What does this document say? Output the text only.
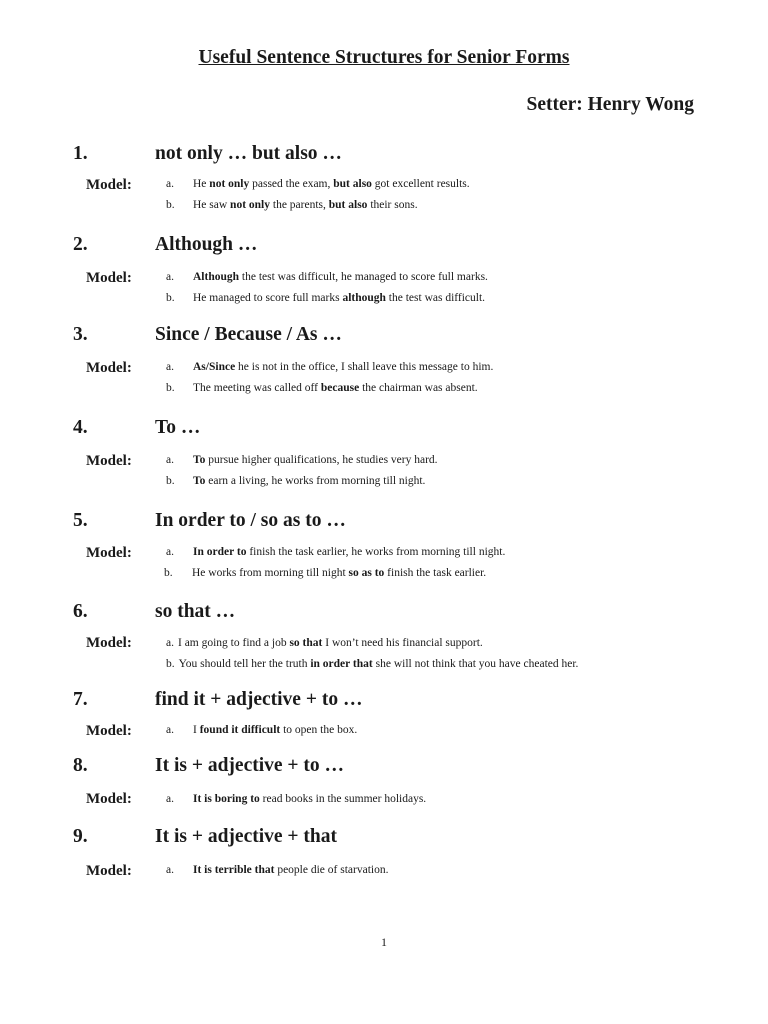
Useful Sentence Structures for Senior Forms
Setter: Henry Wong
1.	not only … but also …
Model:	a. He not only passed the exam, but also got excellent results.
b. He saw not only the parents, but also their sons.
2.	Although …
Model:	a. Although the test was difficult, he managed to score full marks.
b. He managed to score full marks although the test was difficult.
3.	Since / Because / As …
Model:	a. As/Since he is not in the office, I shall leave this message to him.
b. The meeting was called off because the chairman was absent.
4.	To …
Model:	a. To pursue higher qualifications, he studies very hard.
b. To earn a living, he works from morning till night.
5.	In order to / so as to …
Model:	a. In order to finish the task earlier, he works from morning till night.
b. He works from morning till night so as to finish the task earlier.
6.	so that …
Model:	a. I am going to find a job so that I won’t need his financial support.
b. You should tell her the truth in order that she will not think that you have cheated her.
7.	find it + adjective + to …
Model:	a. I found it difficult to open the box.
8.	It is + adjective + to …
Model:	a. It is boring to read books in the summer holidays.
9.	It is + adjective + that
Model:	a. It is terrible that people die of starvation.
1
